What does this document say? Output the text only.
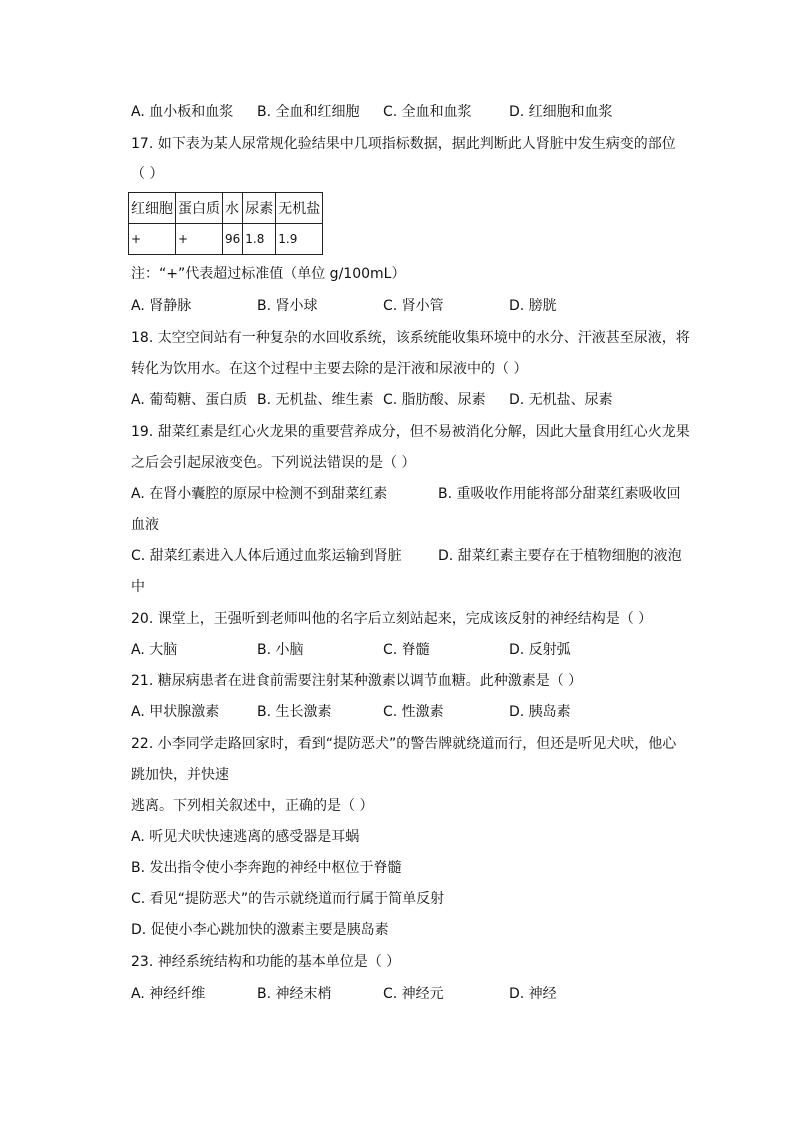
A. 血小板和血浆 B. 全血和红细胞 C. 全血和血浆	D. 红细胞和血浆
17. 如下表为某人尿常规化验结果中几项指标数据，据此判断此人肾脏中发生病变的部位
（ ）
红细胞	蛋白质	水	尿素	无机盐
+	+	96	1.8	1.9
注：“+”代表超过标准值（单位 g/100mL）
A. 肾静脉	B. 肾小球	C. 肾小管	D. 膀胱
18. 太空空间站有一种复杂的水回收系统，该系统能收集环境中的水分、汗液甚至尿液，将
转化为饮用水。在这个过程中主要去除的是汗液和尿液中的（ ）
A. 葡萄糖、蛋白质 B. 无机盐、维生素 C. 脂肪酸、尿素 D. 无机盐、尿素
19. 甜菜红素是红心火龙果的重要营养成分，但不易被消化分解，因此大量食用红心火龙果
之后会引起尿液变色。下列说法错误的是（ ）
A. 在肾小囊腔的原尿中检测不到甜菜红素	B. 重吸收作用能将部分甜菜红素吸收回
血液
C. 甜菜红素进入人体后通过血浆运输到肾脏	D. 甜菜红素主要存在于植物细胞的液泡
中
20. 课堂上，王强听到老师叫他的名字后立刻站起来，完成该反射的神经结构是（ ）
A. 大脑	B. 小脑	C. 脊髓	D. 反射弧
21. 糖尿病患者在进食前需要注射某种激素以调节血糖。此种激素是（ ）
A. 甲状腺激素	B. 生长激素	C. 性激素	D. 胰岛素
22. 小李同学走路回家时，看到“提防恶犬”的警告牌就绕道而行，但还是听见犬吠，他心
跳加快，并快速
逃离。下列相关叙述中，正确的是（ ）
A. 听见犬吠快速逃离的感受器是耳蜗
B. 发出指令使小李奔跑的神经中枢位于脊髓
C. 看见“提防恶犬”的告示就绕道而行属于简单反射
D. 促使小李心跳加快的激素主要是胰岛素
23. 神经系统结构和功能的基本单位是（ ）
A. 神经纤维	B. 神经末梢	C. 神经元	D. 神经
